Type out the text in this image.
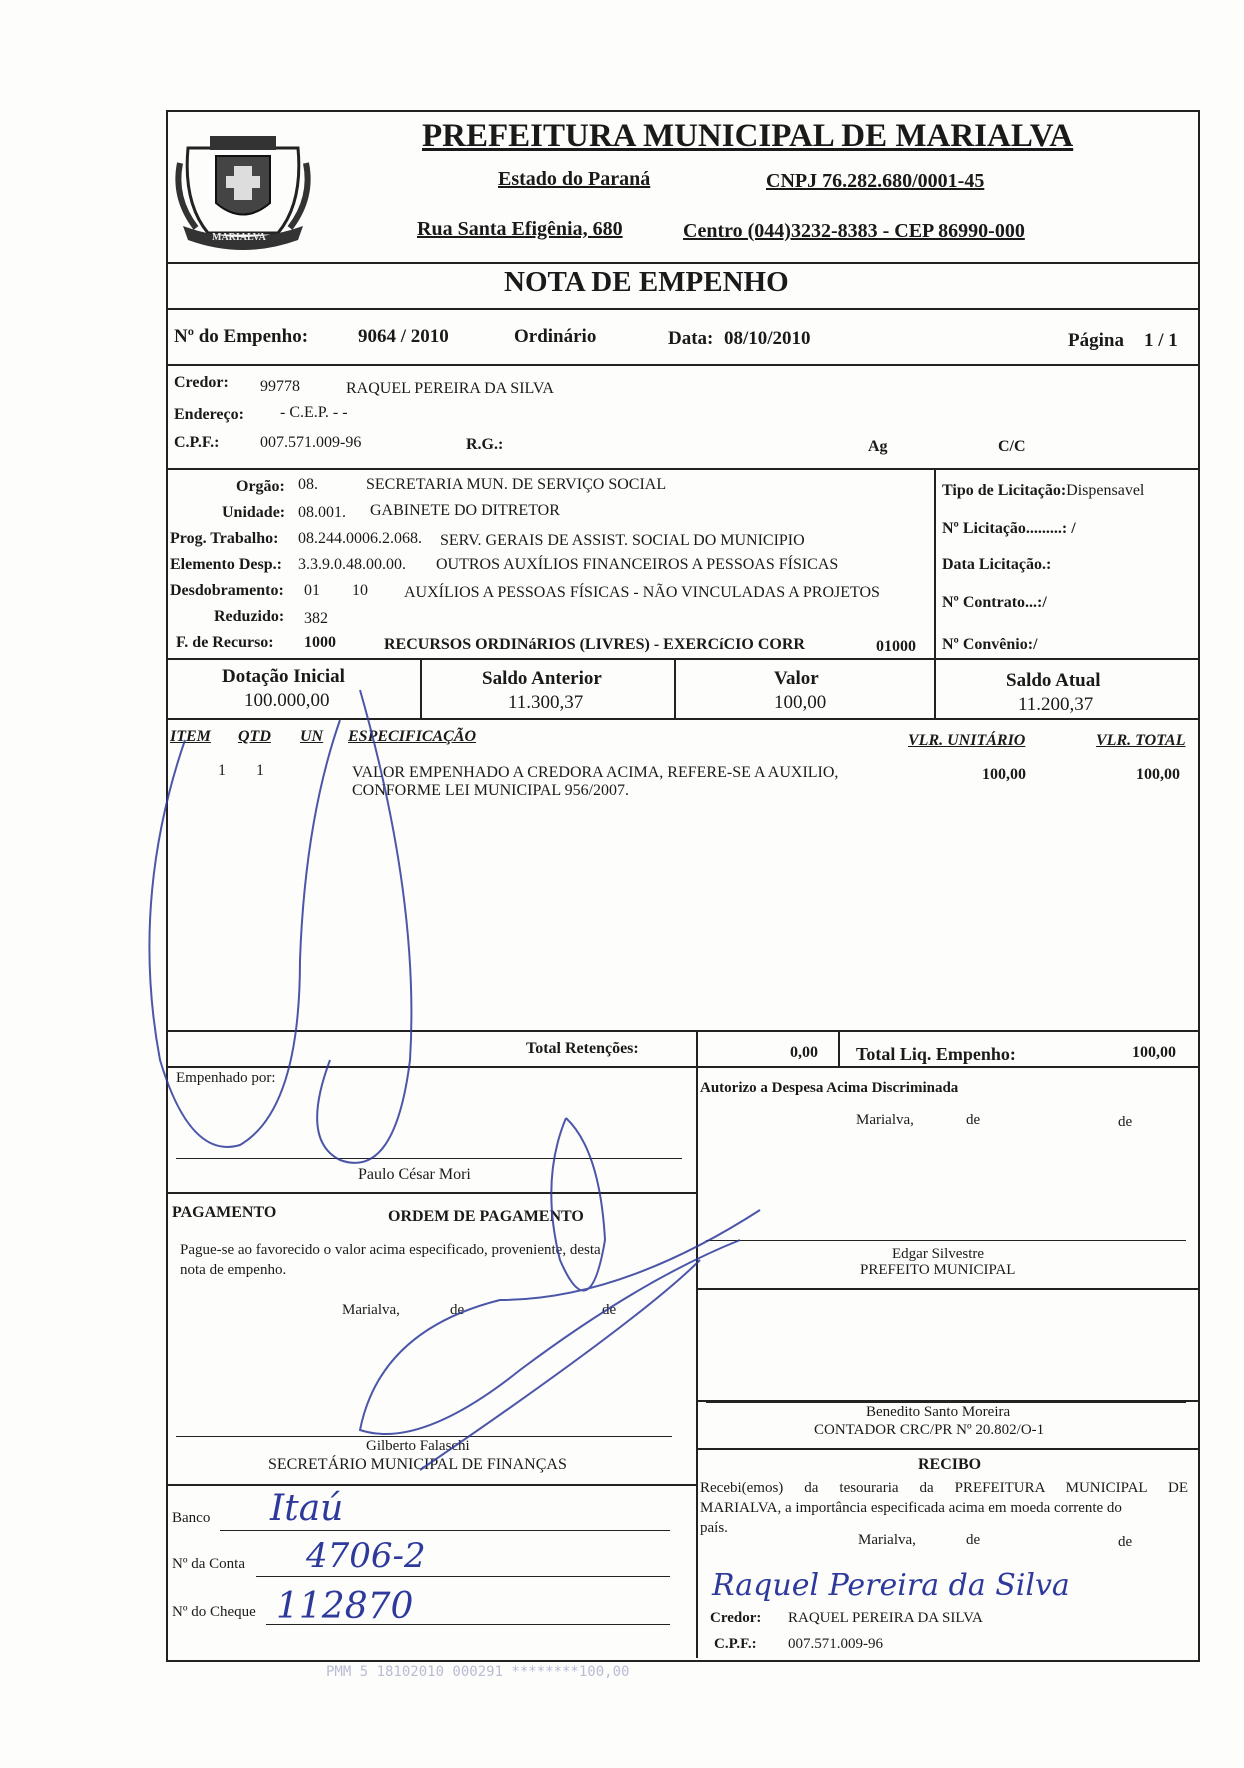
MARIALVA
PREFEITURA MUNICIPAL DE MARIALVA
Estado do Paraná	CNPJ 76.282.680/0001-45
Rua Santa Efigênia, 680	Centro (044)3232-8383 - CEP 86990-000
NOTA DE EMPENHO
Nº do Empenho:	9064 / 2010	Ordinário	Data: 08/10/2010	Página 1 / 1
Credor: 99778	RAQUEL PEREIRA DA SILVA
Endereço: - C.E.P. - -
C.P.F.:	007.571.009-96	R.G.:	Ag	C/C
Orgão: 08.	SECRETARIA MUN. DE SERVIÇO SOCIAL
Unidade: 08.001. GABINETE DO DITRETOR
Prog. Trabalho: 08.244.0006.2.068. SERV. GERAIS DE ASSIST. SOCIAL DO MUNICIPIO
Elemento Desp.: 3.3.9.0.48.00.00. OUTROS AUXÍLIOS FINANCEIROS A PESSOAS FÍSICAS
Desdobramento: 01 10 AUXÍLIOS A PESSOAS FÍSICAS - NÃO VINCULADAS A PROJETOS
Reduzido: 382
F. de Recurso: 1000	RECURSOS ORDINáRIOS (LIVRES) - EXERCíCIO CORR	01000
Tipo de Licitação:Dispensavel
Nº Licitação.........: /
Data Licitação.:
Nº Contrato...:/
Nº Convênio:/
Dotação Inicial
100.000,00
Saldo Anterior
11.300,37
Valor
100,00
Saldo Atual
11.200,37
ITEM QTD UN ESPECIFICAÇÃO	VLR. UNITÁRIO	VLR. TOTAL
1 1	VALOR EMPENHADO A CREDORA ACIMA, REFERE-SE A AUXILIO,
CONFORME LEI MUNICIPAL 956/2007.
100,00	100,00
Total Retenções:	0,00 Total Liq. Empenho:	100,00
Empenhado por:
Paulo César Mori
Autorizo a Despesa Acima Discriminada
Marialva,	de	de
Edgar Silvestre
PREFEITO MUNICIPAL
Benedito Santo Moreira
CONTADOR CRC/PR Nº 20.802/O-1
PAGAMENTO	ORDEM DE PAGAMENTO
Pague-se ao favorecido o valor acima especificado, proveniente, desta
nota de empenho.
Marialva,	de	de
Gilberto Falaschi
SECRETÁRIO MUNICIPAL DE FINANÇAS
Banco Itaú
Nº da Conta 4706-2
Nº do Cheque 112870
RECIBO
Recebi(emos) da tesouraria da PREFEITURA MUNICIPAL DE
MARIALVA, a importância especificada acima em moeda corrente do
país.
Marialva,	de	de
Raquel Pereira da Silva
Credor: RAQUEL PEREIRA DA SILVA
C.P.F.: 007.571.009-96
PMM 5 18102010 000291 ********100,00
